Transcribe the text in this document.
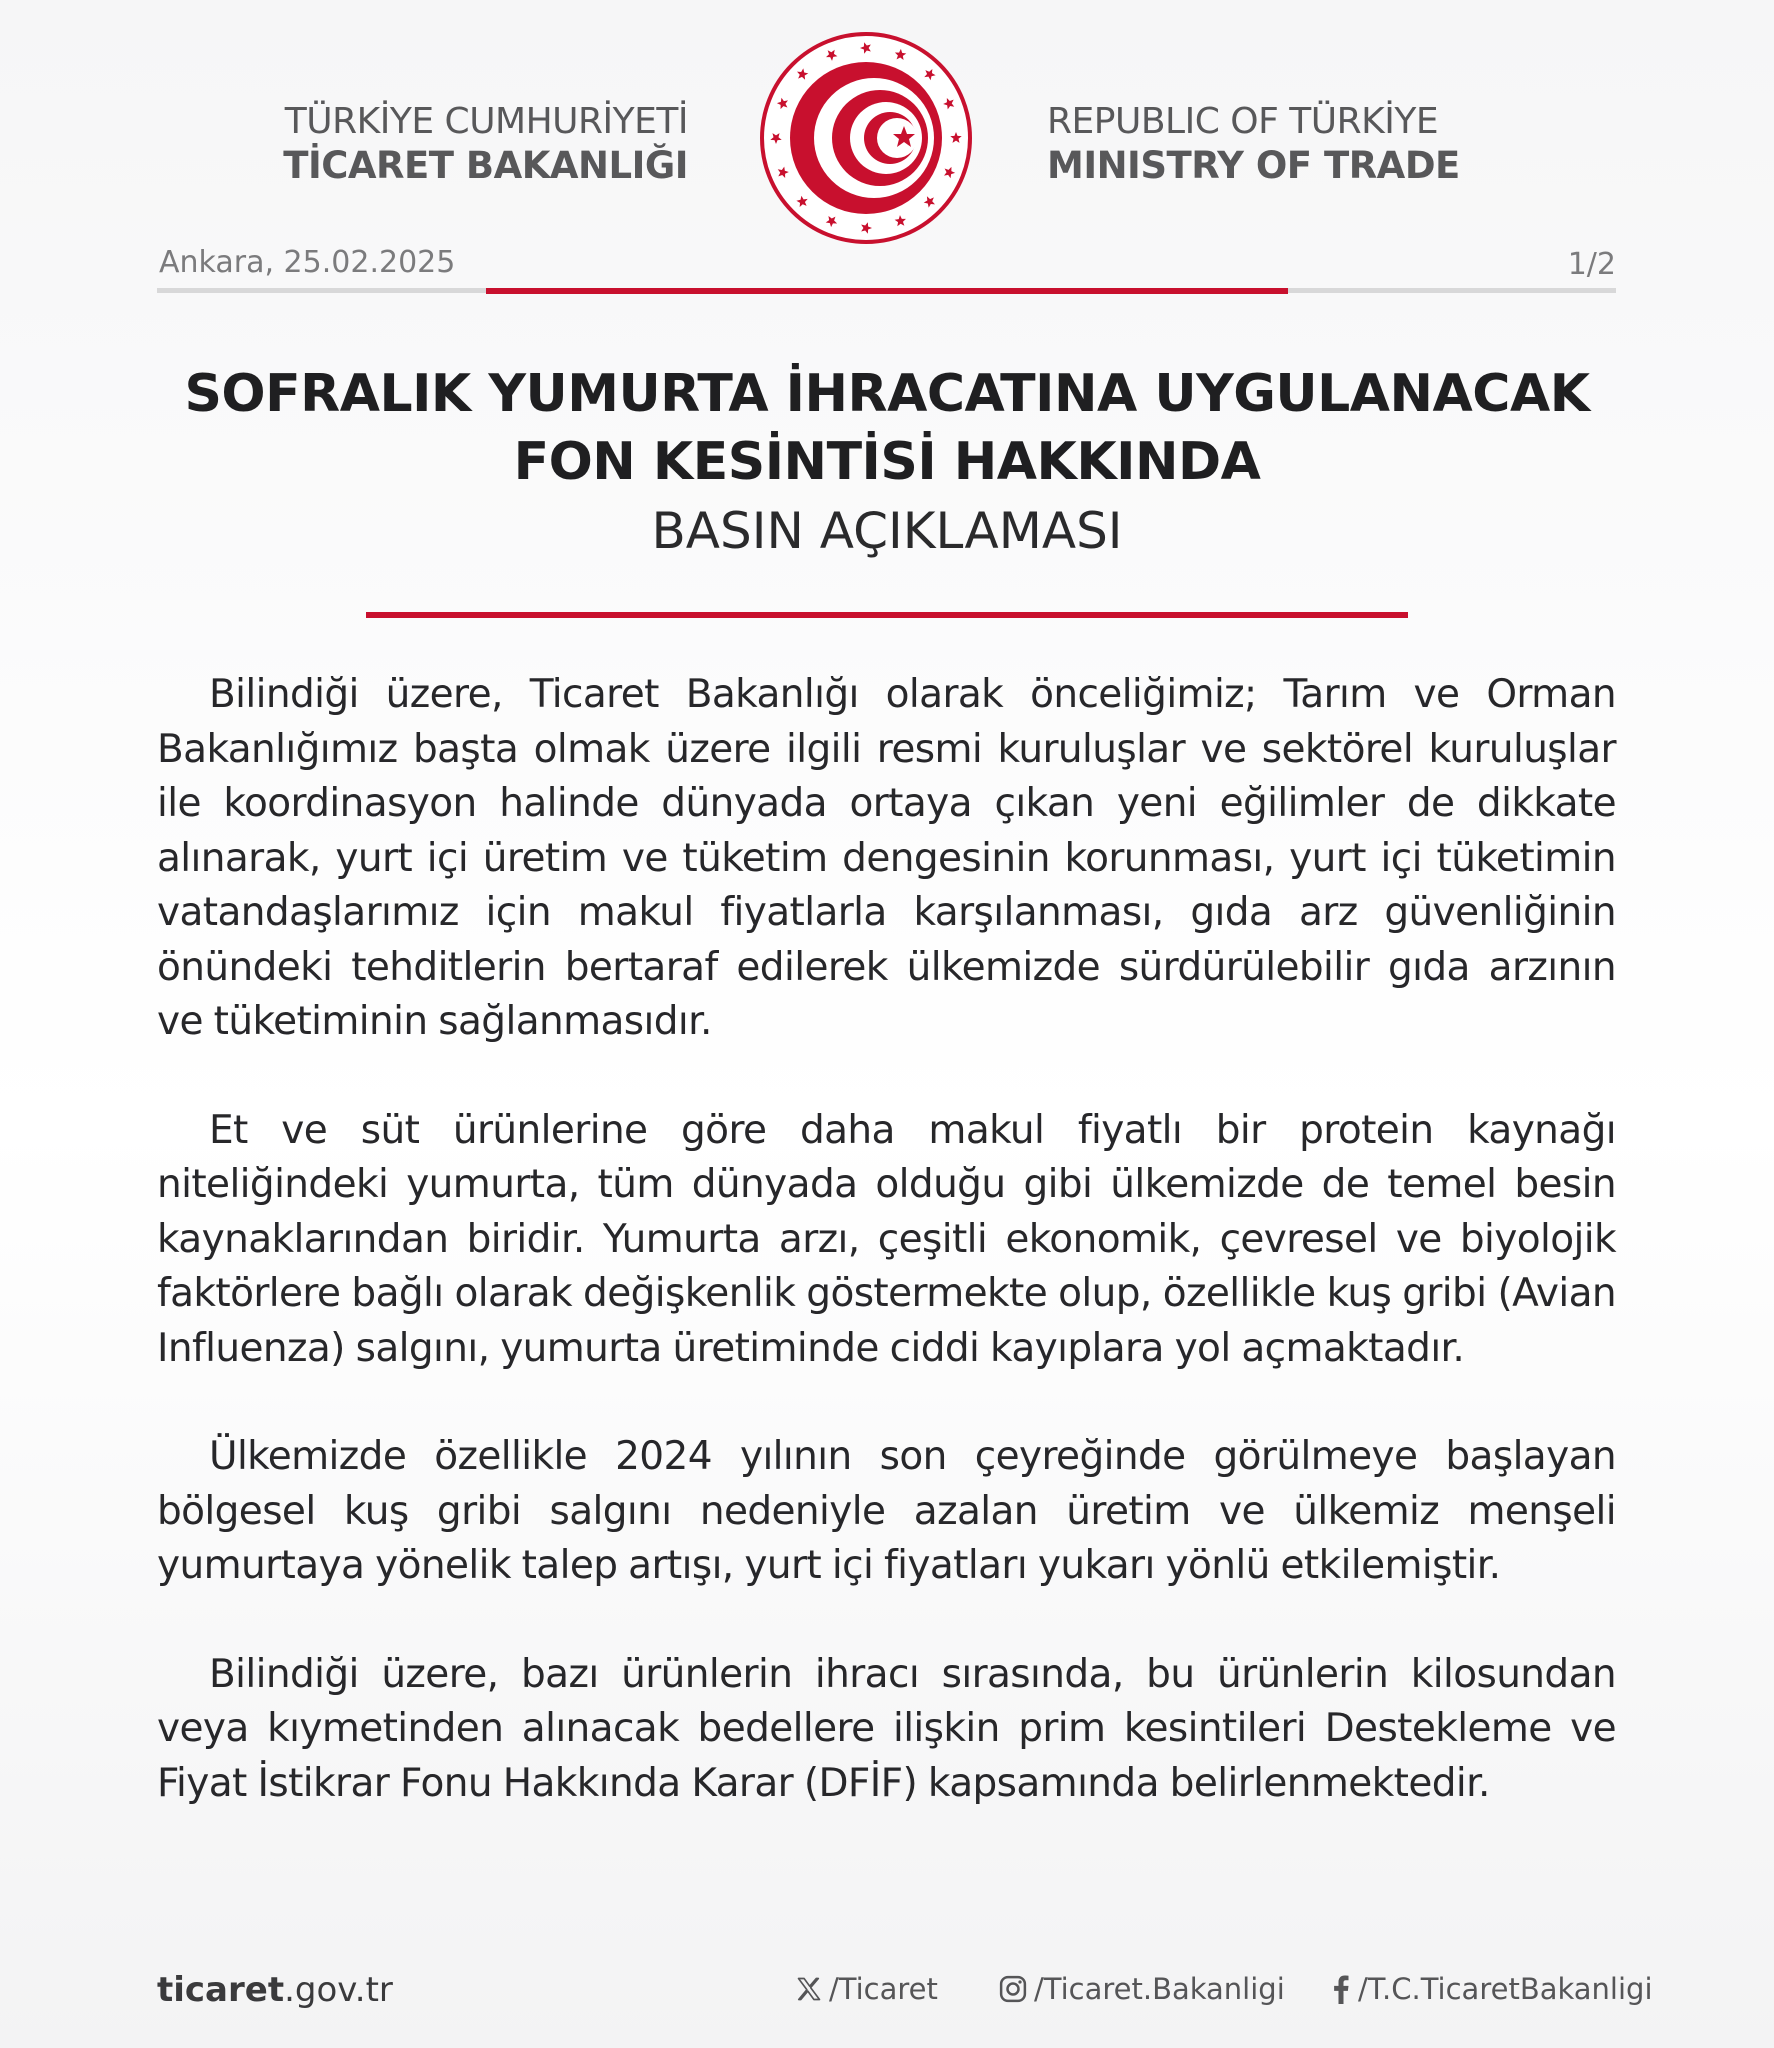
TÜRKİYE CUMHURİYETİ
TİCARET BAKANLIĞI
REPUBLIC OF TÜRKİYE
MINISTRY OF TRADE
Ankara, 25.02.2025	1/2
SOFRALIK YUMURTA İHRACATINA UYGULANACAK
FON KESİNTİSİ HAKKINDA
BASIN AÇIKLAMASI

Bilindiği üzere, Ticaret Bakanlığı olarak önceliğimiz; Tarım ve Orman Bakanlığımız başta olmak üzere ilgili resmi kuruluşlar ve sektörel kuruluşlar ile koordinasyon halinde dünyada ortaya çıkan yeni eğilimler de dikkate alınarak, yurt içi üretim ve tüketim dengesinin korunması, yurt içi tüketimin vatandaşlarımız için makul fiyatlarla karşılanması, gıda arz güvenliğinin önündeki tehditlerin bertaraf edilerek ülkemizde sürdürülebilir gıda arzının ve tüketiminin sağlanmasıdır.

Et ve süt ürünlerine göre daha makul fiyatlı bir protein kaynağı niteliğindeki yumurta, tüm dünyada olduğu gibi ülkemizde de temel besin kaynaklarından biridir. Yumurta arzı, çeşitli ekonomik, çevresel ve biyolojik faktörlere bağlı olarak değişkenlik göstermekte olup, özellikle kuş gribi (Avian Influenza) salgını, yumurta üretiminde ciddi kayıplara yol açmaktadır.

Ülkemizde özellikle 2024 yılının son çeyreğinde görülmeye başlayan bölgesel kuş gribi salgını nedeniyle azalan üretim ve ülkemiz menşeli yumurtaya yönelik talep artışı, yurt içi fiyatları yukarı yönlü etkilemiştir.

Bilindiği üzere, bazı ürünlerin ihracı sırasında, bu ürünlerin kilosundan veya kıymetinden alınacak bedellere ilişkin prim kesintileri Destekleme ve Fiyat İstikrar Fonu Hakkında Karar (DFİF) kapsamında belirlenmektedir.

ticaret.gov.tr	/Ticaret	/Ticaret.Bakanligi	/T.C.TicaretBakanligi
